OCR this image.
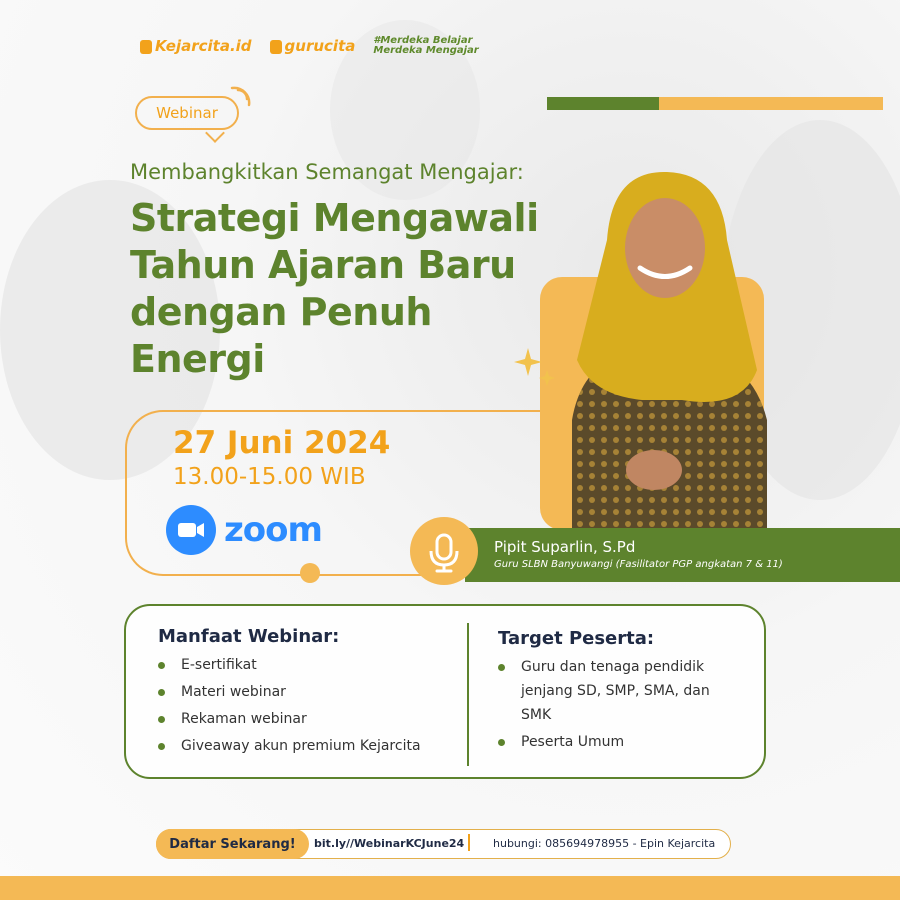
Kejarcita.id	gurucita #Merdeka Belajar
Merdeka Mengajar
Webinar
Membangkitkan Semangat Mengajar:
Strategi Mengawali Tahun Ajaran Baru dengan Penuh Energi
27 Juni 2024
13.00-15.00 WIB
zoom	Pipit Suparlin, S.Pd
Guru SLBN Banyuwangi (Fasilitator PGP angkatan 7 & 11)
Manfaat Webinar:
E-sertifikat
Materi webinar
Rekaman webinar
Giveaway akun premium Kejarcita
Target Peserta:
Guru dan tenaga pendidik jenjang SD, SMP, SMA, dan SMK
Peserta Umum
Daftar Sekarang! bit.ly//WebinarKCJune24	hubungi: 085694978955 - Epin Kejarcita
